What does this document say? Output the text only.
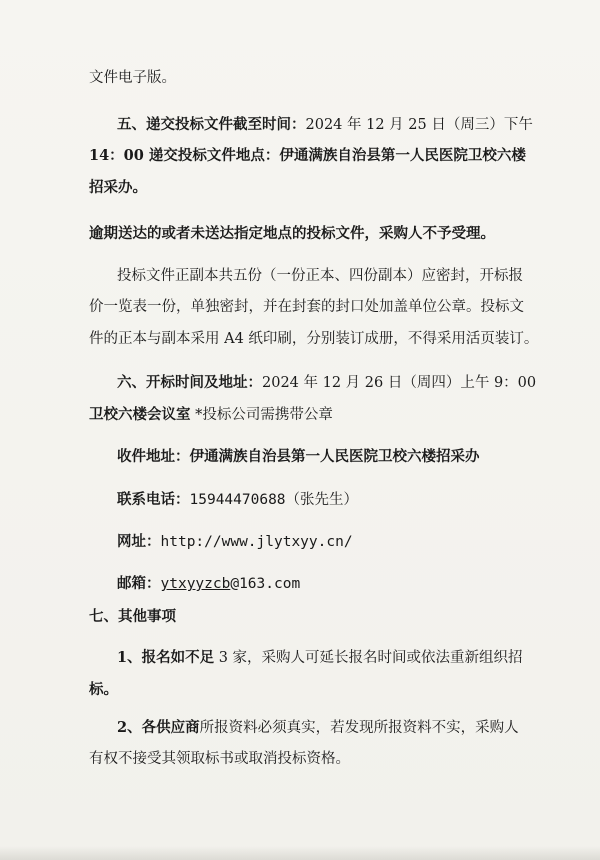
文件电子版。
五、递交投标文件截至时间：2024 年 12 月 25 日（周三）下午
14：00 递交投标文件地点：伊通满族自治县第一人民医院卫校六楼
招采办。
逾期送达的或者未送达指定地点的投标文件，采购人不予受理。
投标文件正副本共五份（一份正本、四份副本）应密封，开标报
价一览表一份，单独密封，并在封套的封口处加盖单位公章。投标文
件的正本与副本采用 A4 纸印刷，分别装订成册，不得采用活页装订。
六、开标时间及地址：2024 年 12 月 26 日（周四）上午 9：00
卫校六楼会议室 *投标公司需携带公章
收件地址：伊通满族自治县第一人民医院卫校六楼招采办
联系电话：15944470688（张先生）
网址：http://www.jlytxyy.cn/
邮箱：ytxyyzcb@163.com
七、其他事项
1、报名如不足 3 家，采购人可延长报名时间或依法重新组织招
标。
2、各供应商所报资料必须真实，若发现所报资料不实，采购人
有权不接受其领取标书或取消投标资格。
